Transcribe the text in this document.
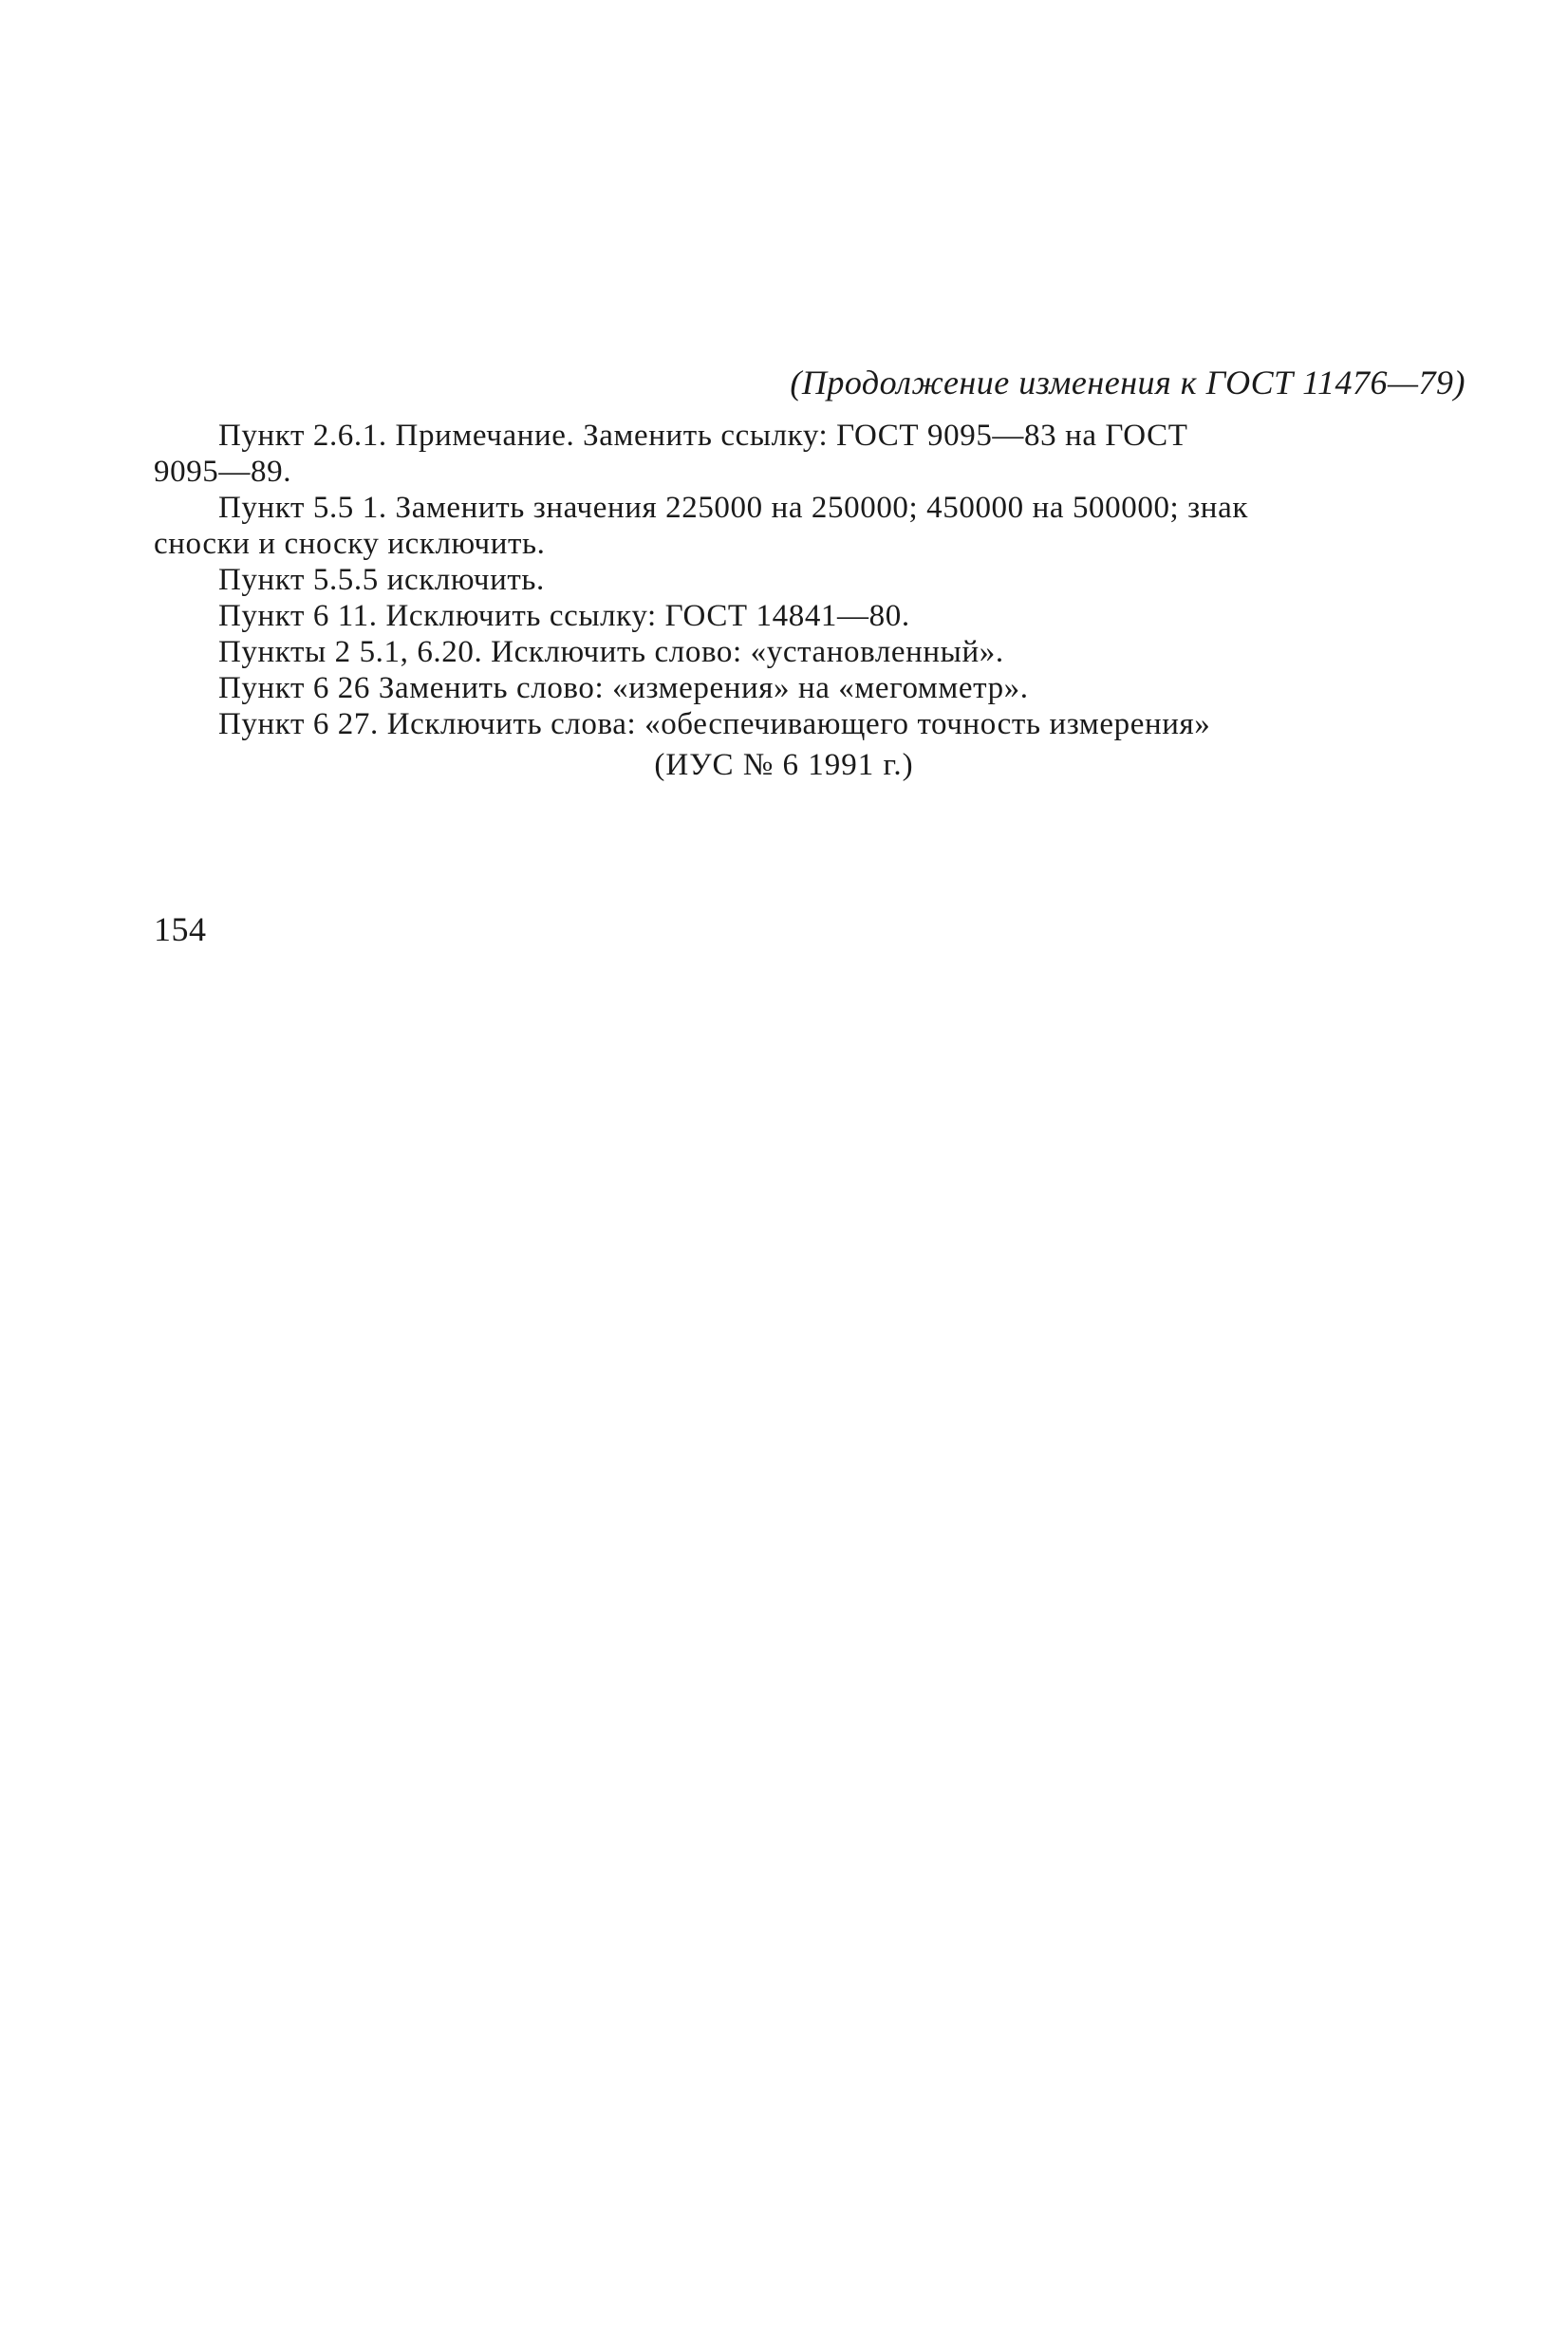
(Продолжение изменения к ГОСТ 11476—79)

Пункт 2.6.1. Примечание. Заменить ссылку: ГОСТ 9095—83 на ГОСТ
9095—89.

Пункт 5.5 1. Заменить значения 225000 на 250000; 450000 на 500000; знак
сноски и сноску исключить.

Пункт 5.5.5 исключить.

Пункт 6 11. Исключить ссылку: ГОСТ 14841—80.

Пункты 2 5.1, 6.20. Исключить слово: «установленный».

Пункт 6 26 Заменить слово: «измерения» на «мегомметр».

Пункт 6 27. Исключить слова: «обеспечивающего точность измерения»

(ИУС № 6 1991 г.)
154
